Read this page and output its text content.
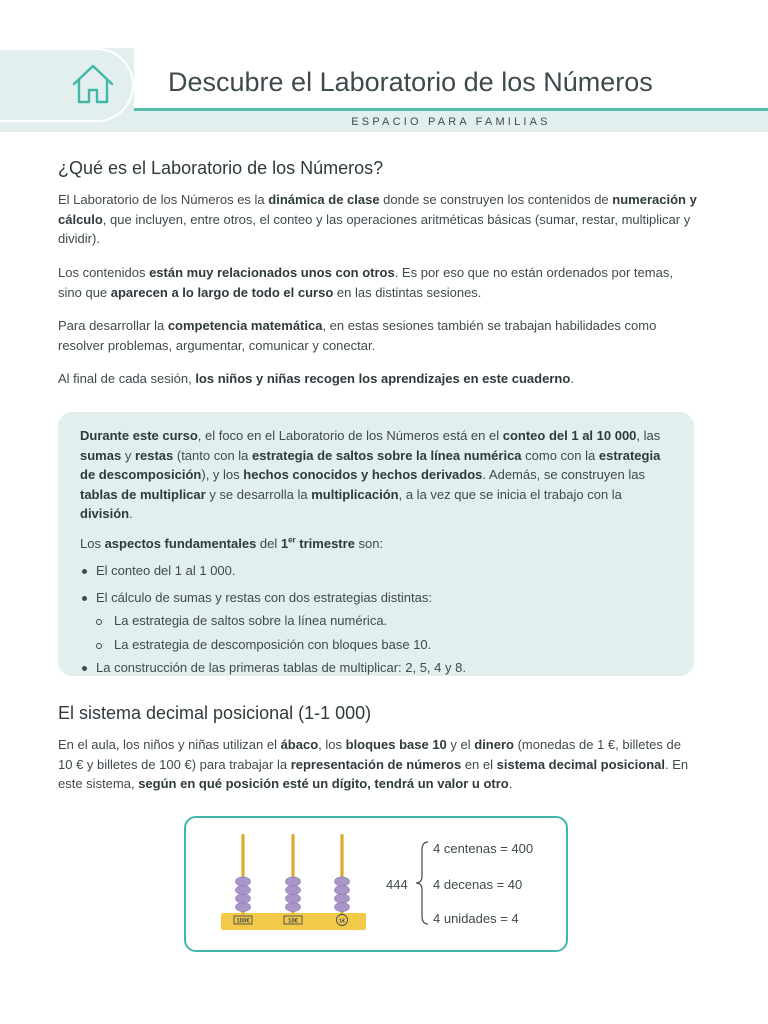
Descubre el Laboratorio de los Números
ESPACIO PARA FAMILIAS
¿Qué es el Laboratorio de los Números?

El Laboratorio de los Números es la dinámica de clase donde se construyen los contenidos de numeración y cálculo, que incluyen, entre otros, el conteo y las operaciones aritméticas básicas (sumar, restar, multiplicar y dividir).

Los contenidos están muy relacionados unos con otros. Es por eso que no están ordenados por temas, sino que aparecen a lo largo de todo el curso en las distintas sesiones.

Para desarrollar la competencia matemática, en estas sesiones también se trabajan habilidades como resolver problemas, argumentar, comunicar y conectar.

Al final de cada sesión, los niños y niñas recogen los aprendizajes en este cuaderno.

Durante este curso, el foco en el Laboratorio de los Números está en el conteo del 1 al 10 000, las sumas y restas (tanto con la estrategia de saltos sobre la línea numérica como con la estrategia de descomposición), y los hechos conocidos y hechos derivados. Además, se construyen las tablas de multiplicar y se desarrolla la multiplicación, a la vez que se inicia el trabajo con la división.

Los aspectos fundamentales del 1er trimestre son:

El conteo del 1 al 1 000.
El cálculo de sumas y restas con dos estrategias distintas:
La estrategia de saltos sobre la línea numérica.
La estrategia de descomposición con bloques base 10.
La construcción de las primeras tablas de multiplicar: 2, 5, 4 y 8.
El sistema decimal posicional (1-1 000)

En el aula, los niños y niñas utilizan el ábaco, los bloques base 10 y el dinero (monedas de 1 €, billetes de 10 € y billetes de 100 €) para trabajar la representación de números en el sistema decimal posicional. En este sistema, según en qué posición esté un dígito, tendrá un valor u otro.

100€	10€	1€
444
4 centenas = 400
4 decenas = 40
4 unidades = 4
